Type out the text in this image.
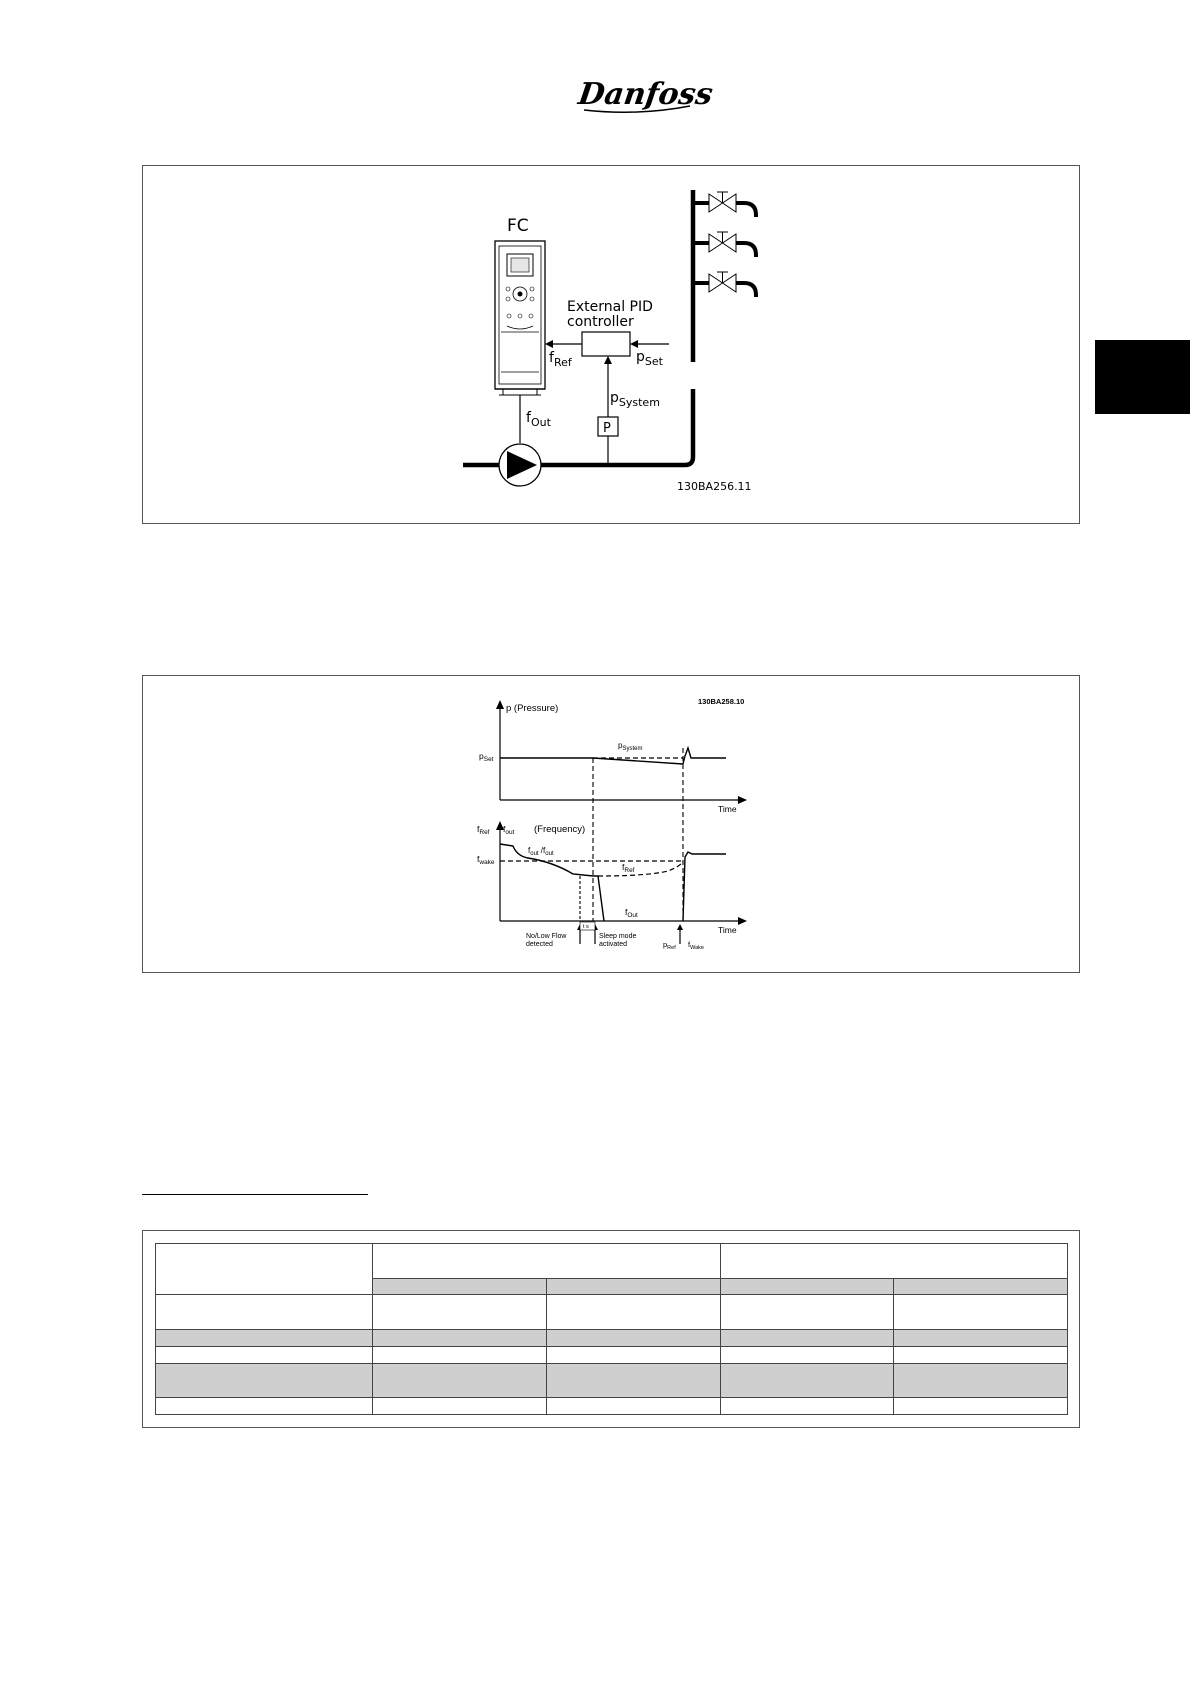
Danfoss
FC
External PID
controller
$f_{Ref}$	$p_{Set}$
$p_{System}$
$f_{Out}$	P
130BA256.11
p (Pressure)
130BA258.10
$p_{Set}$
$p_{System}$
Time
$f_{Ref}$ $f_{out}$ (Frequency)
$f_{wake}$
$f_{out}$ $/f_{out}$
$f_{Ref}$
$f_{Out}$
Time
t s
No/Low Flow
detected
Sleep mode
activated	$p_{Ref}$ $f_{Wake}$
